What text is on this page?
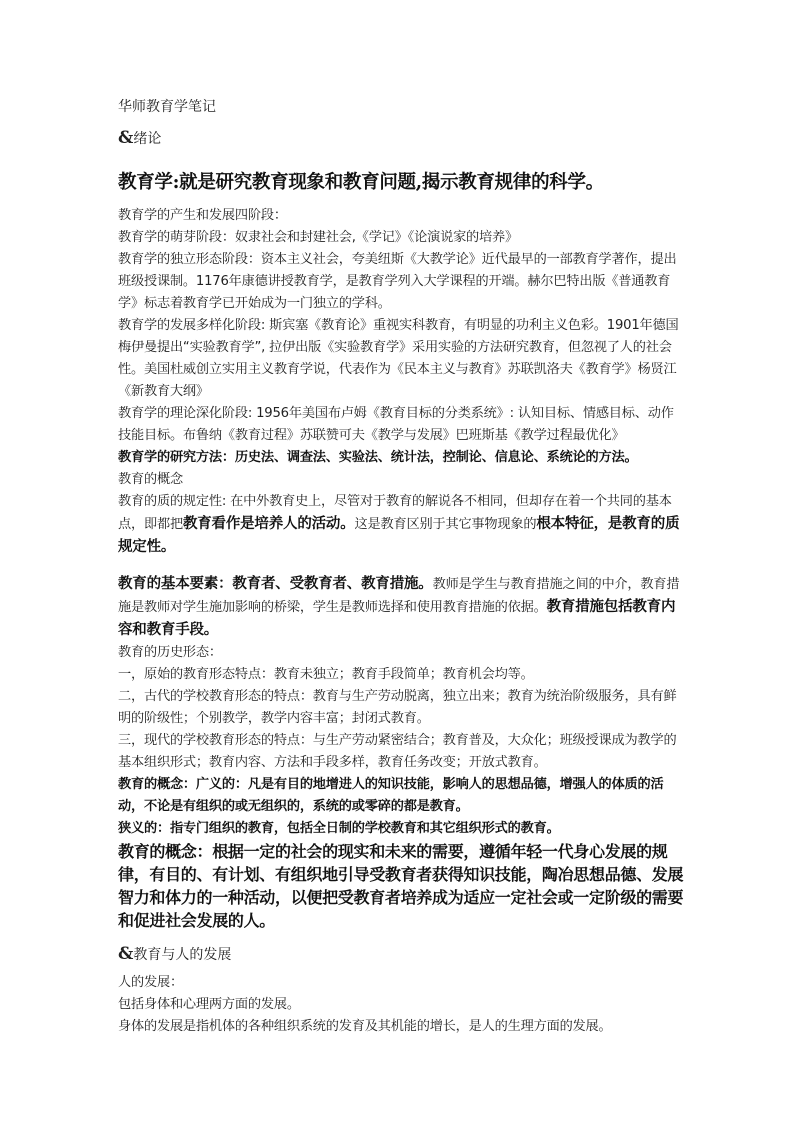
华师教育学笔记

&绪论

教育学:就是研究教育现象和教育问题,揭示教育规律的科学。

教育学的产生和发展四阶段：

教育学的萌芽阶段：奴隶社会和封建社会,《学记》《论演说家的培养》

教育学的独立形态阶段：资本主义社会，夸美纽斯《大教学论》近代最早的一部教育学著作，提出班级授课制。1176年康德讲授教育学，是教育学列入大学课程的开端。赫尔巴特出版《普通教育学》标志着教育学已开始成为一门独立的学科。

教育学的发展多样化阶段: 斯宾塞《教育论》重视实科教育，有明显的功利主义色彩。1901年德国梅伊曼提出“实验教育学”, 拉伊出版《实验教育学》采用实验的方法研究教育，但忽视了人的社会性。美国杜威创立实用主义教育学说，代表作为《民本主义与教育》苏联凯洛夫《教育学》杨贤江《新教育大纲》

教育学的理论深化阶段: 1956年美国布卢姆《教育目标的分类系统》: 认知目标、情感目标、动作技能目标。布鲁纳《教育过程》苏联赞可夫《教学与发展》巴班斯基《教学过程最优化》

教育学的研究方法：历史法、调查法、实验法、统计法，控制论、信息论、系统论的方法。

教育的概念

教育的质的规定性: 在中外教育史上，尽管对于教育的解说各不相同，但却存在着一个共同的基本点，即都把教育看作是培养人的活动。这是教育区别于其它事物现象的根本特征，是教育的质规定性。

教育的基本要素：教育者、受教育者、教育措施。教师是学生与教育措施之间的中介，教育措施是教师对学生施加影响的桥梁，学生是教师选择和使用教育措施的依据。教育措施包括教育内容和教育手段。

教育的历史形态：

一，原始的教育形态特点：教育未独立；教育手段简单；教育机会均等。

二，古代的学校教育形态的特点：教育与生产劳动脱离，独立出来；教育为统治阶级服务，具有鲜明的阶级性；个别教学，教学内容丰富；封闭式教育。

三，现代的学校教育形态的特点：与生产劳动紧密结合；教育普及，大众化；班级授课成为教学的基本组织形式；教育内容、方法和手段多样，教育任务改变；开放式教育。

教育的概念：广义的：凡是有目的地增进人的知识技能，影响人的思想品德，增强人的体质的活动，不论是有组织的或无组织的，系统的或零碎的都是教育。

狭义的：指专门组织的教育，包括全日制的学校教育和其它组织形式的教育。

教育的概念：根据一定的社会的现实和未来的需要，遵循年轻一代身心发展的规律，有目的、有计划、有组织地引导受教育者获得知识技能，陶冶思想品德、发展智力和体力的一种活动，以便把受教育者培养成为适应一定社会或一定阶级的需要和促进社会发展的人。

&教育与人的发展

人的发展：

包括身体和心理两方面的发展。

身体的发展是指机体的各种组织系统的发育及其机能的增长，是人的生理方面的发展。
